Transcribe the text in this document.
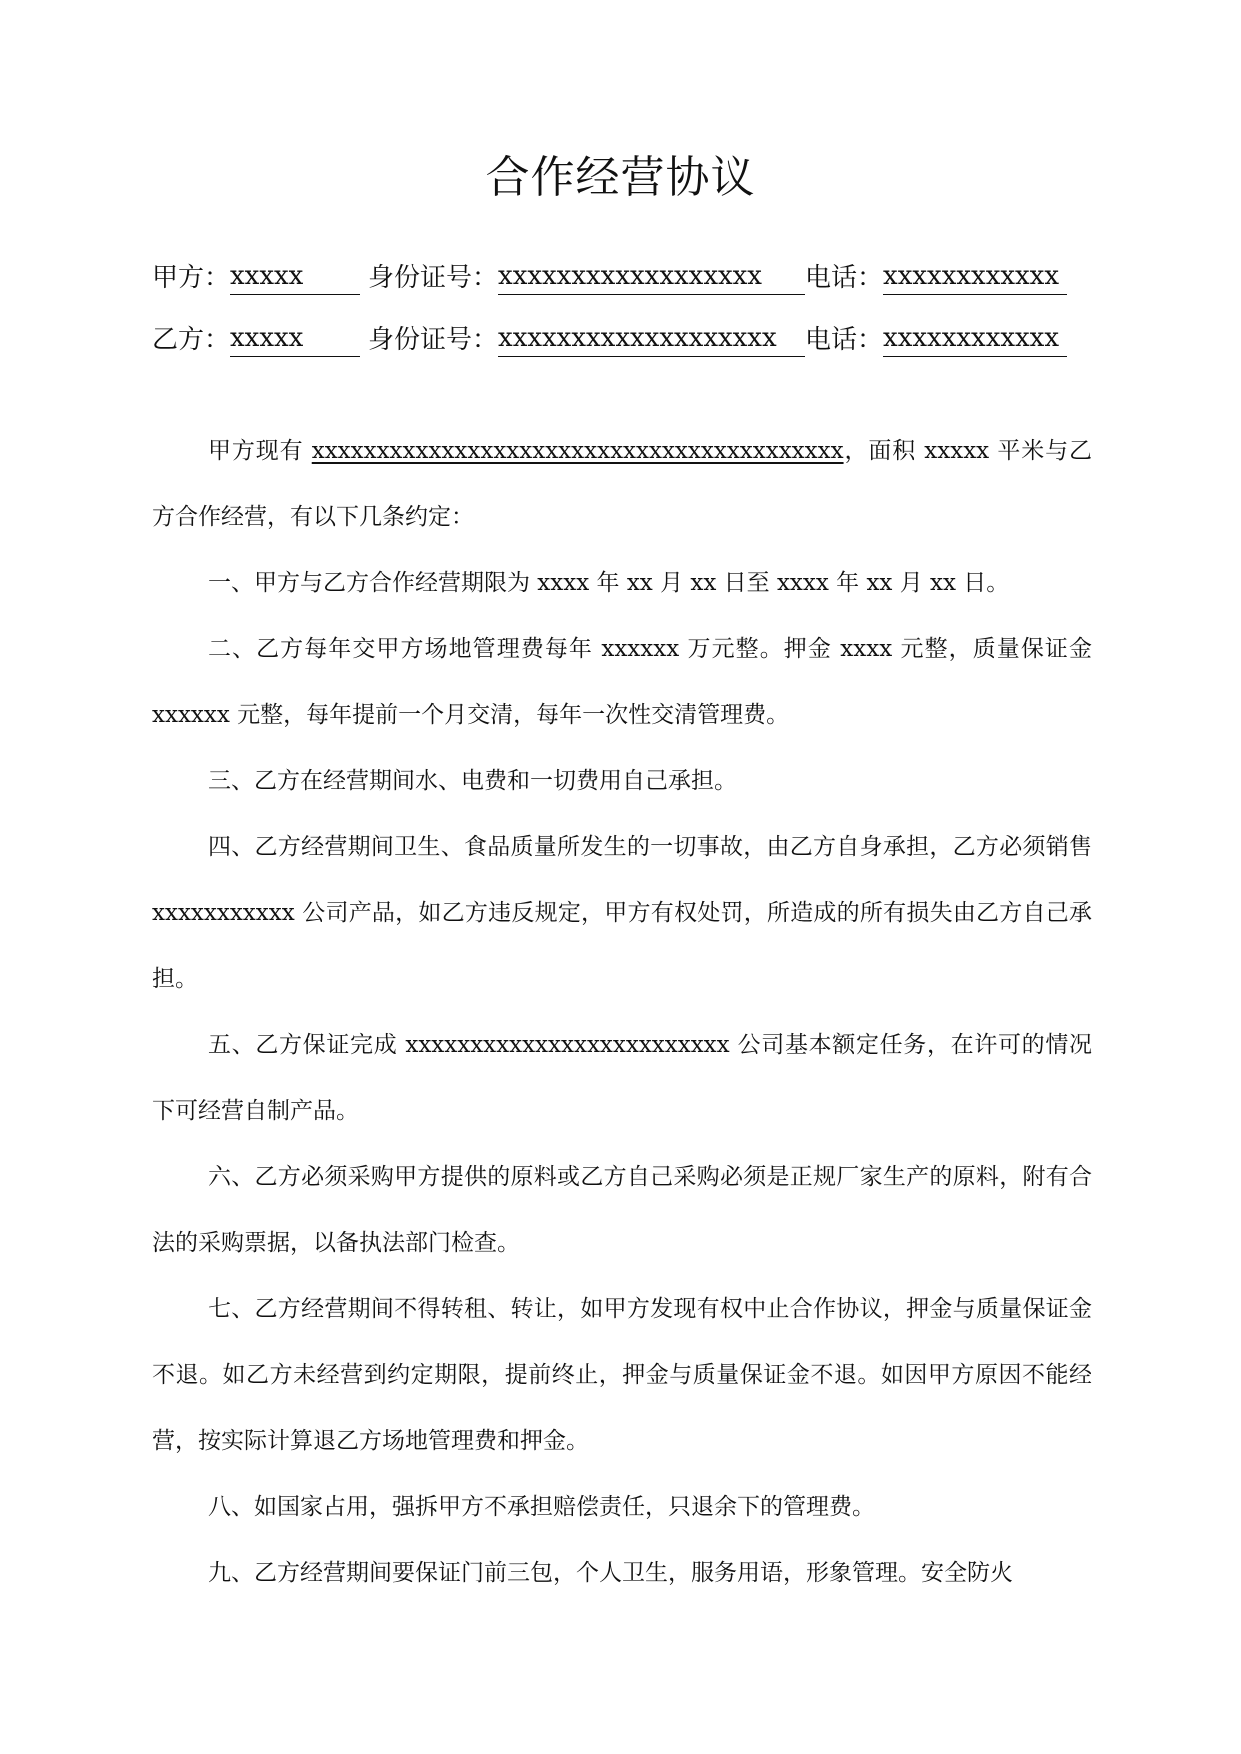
合作经营协议
甲方：xxxxx 身份证号：xxxxxxxxxxxxxxxxxx 电话：xxxxxxxxxxxx
乙方：xxxxx 身份证号：xxxxxxxxxxxxxxxxxxx 电话：xxxxxxxxxxxx

甲方现有 xxxxxxxxxxxxxxxxxxxxxxxxxxxxxxxxxxxxxxxxx，面积 xxxxx 平米与乙方合作经营，有以下几条约定：

一、甲方与乙方合作经营期限为 xxxx 年 xx 月 xx 日至 xxxx 年 xx 月 xx 日。

二、乙方每年交甲方场地管理费每年 xxxxxx 万元整。押金 xxxx 元整，质量保证金 xxxxxx 元整，每年提前一个月交清，每年一次性交清管理费。

三、乙方在经营期间水、电费和一切费用自己承担。

四、乙方经营期间卫生、食品质量所发生的一切事故，由乙方自身承担，乙方必须销售 xxxxxxxxxxx 公司产品，如乙方违反规定，甲方有权处罚，所造成的所有损失由乙方自己承担。

五、乙方保证完成 xxxxxxxxxxxxxxxxxxxxxxxxx 公司基本额定任务，在许可的情况下可经营自制产品。

六、乙方必须采购甲方提供的原料或乙方自己采购必须是正规厂家生产的原料，附有合法的采购票据，以备执法部门检查。

七、乙方经营期间不得转租、转让，如甲方发现有权中止合作协议，押金与质量保证金不退。如乙方未经营到约定期限，提前终止，押金与质量保证金不退。如因甲方原因不能经营，按实际计算退乙方场地管理费和押金。

八、如国家占用，强拆甲方不承担赔偿责任，只退余下的管理费。

九、乙方经营期间要保证门前三包，个人卫生，服务用语，形象管理。安全防火
